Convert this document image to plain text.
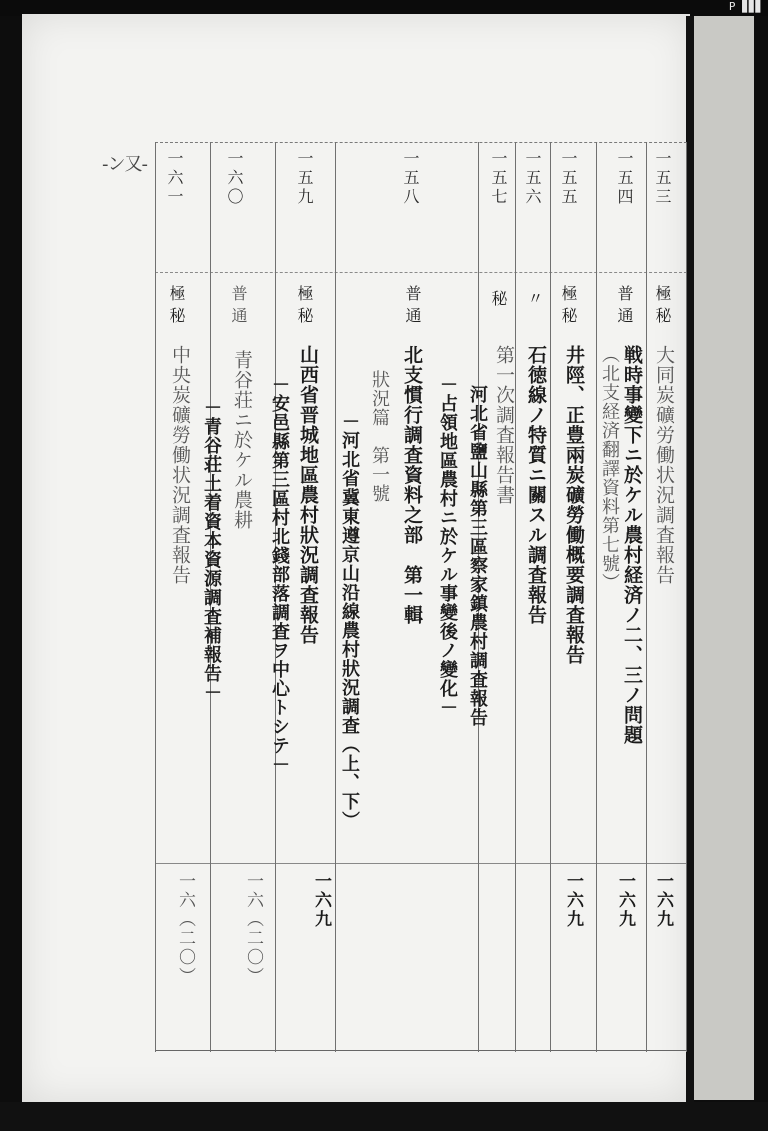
P ▊▊▊
-ン又-	一五三
極秘
大同炭礦労働状況調査報告
一六九
一五四
普通
戦時事變下ニ於ケル農村経済ノ二、三ノ問題
（北支経済翻譯資料第七號）
一六九
一五五
極秘
井陘、正豊兩炭礦勞働概要調査報告
一六九
一五六
〃
石徳線ノ特質ニ關スル調査報告
一五七
秘
第一次調査報告書
河北省鹽山縣第三區察家鎮農村調査報告
－占領地區農村ニ於ケル事變後ノ變化－
一五八
普通
北支慣行調査資料之部　第一輯
狀況篇　第一號
－河北省冀東遵京山沿線農村狀況調査（上、下）
一六九
一五九
極秘
山西省晋城地區農村狀況調査報告
－安邑縣第三區村北錢部落調査ヲ中心トシテ－
一六（二〇）
一六〇
普通
青谷荘ニ於ケル農耕
－青谷荘土着資本資源調査補報告－
一六一
極秘
中央炭礦勞働状況調査報告
一六（二〇）
